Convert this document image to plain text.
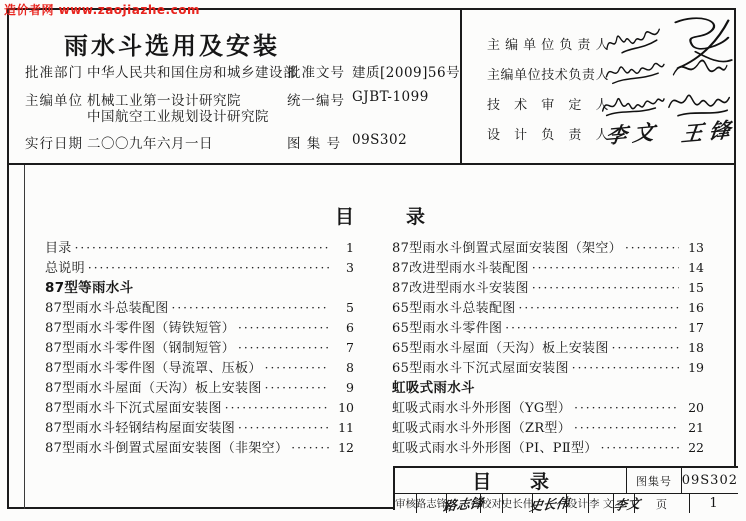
造价者网 www.zaojiazhe.com
雨水斗选用及安装
批准部门 中华人民共和国住房和城乡建设部
批准文号 建质[2009]56号
主编单位 机械工业第一设计研究院
中国航空工业规划设计研究院
统一编号 GJBT-1099
实行日期 二〇〇九年六月一日	图 集 号 09S302
主编单位负责人
主编单位技术负责人
技术审定人
设计负责人
李文 王锋
目录
目录 ·····	1
总说明 ·····	3
87型等雨水斗
87型雨水斗总装配图 ·····	5
87型雨水斗零件图（铸铁短管） ·····	6
87型雨水斗零件图（钢制短管） ·····	7
87型雨水斗零件图（导流罩、压板） ·····	8
87型雨水斗屋面（天沟）板上安装图 ·····	9
87型雨水斗下沉式屋面安装图 ·····	10
87型雨水斗轻钢结构屋面安装图 ·····	11
87型雨水斗倒置式屋面安装图（非架空） ·····	12
87型雨水斗倒置式屋面安装图（架空） ·····	13
87改进型雨水斗装配图 ·····	14
87改进型雨水斗安装图 ·····	15
65型雨水斗总装配图 ·····	16
65型雨水斗零件图 ·····	17
65型雨水斗屋面（天沟）板上安装图 ·····	18
65型雨水斗下沉式屋面安装图 ·····	19
虹吸式雨水斗
虹吸式雨水斗外形图（YG型） ·····	20
虹吸式雨水斗外形图（ZR型） ·····	21
虹吸式雨水斗外形图（PⅠ、PⅡ型） ·····	22
目 录	图集号 09S302
审核 路志锋
路志锋
校对 史长伟
史长伟
设计 李 文 李文	页	1
